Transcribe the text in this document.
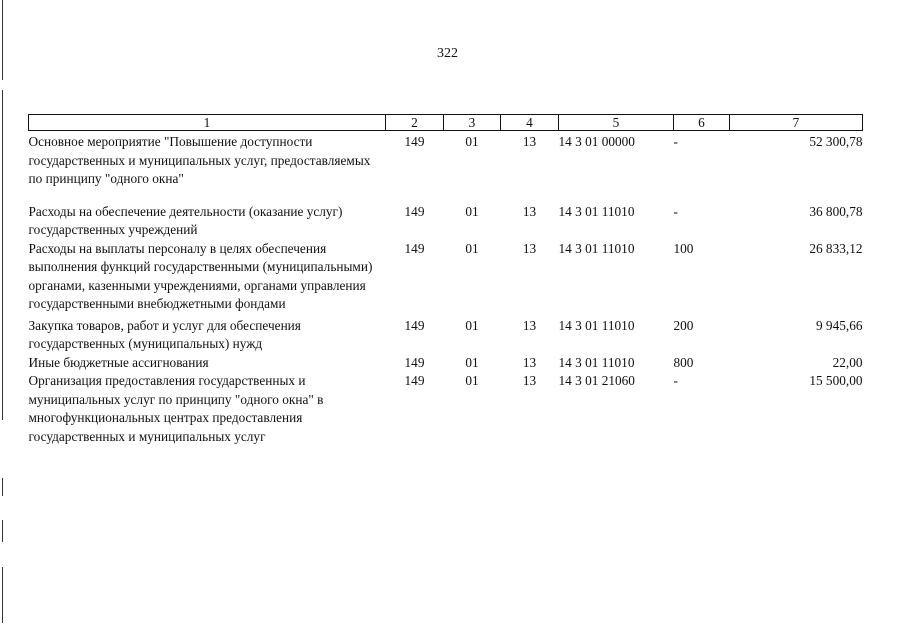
322
1	2	3	4	5	6	7
Основное мероприятие "Повышение доступности государственных и муниципальных услуг, предоставляемых по принципу "одного окна"	149	01	13	14 3 01 00000	-	52 300,78
Расходы на обеспечение деятельности (оказание услуг) государственных учреждений	149	01	13	14 3 01 11010	-	36 800,78
Расходы на выплаты персоналу в целях обеспечения выполнения функций государственными (муниципальными) органами, казенными учреждениями, органами управления государственными внебюджетными фондами	149	01	13	14 3 01 11010	100	26 833,12
Закупка товаров, работ и услуг для обеспечения государственных (муниципальных) нужд	149	01	13	14 3 01 11010	200	9 945,66
Иные бюджетные ассигнования	149	01	13	14 3 01 11010	800	22,00
Организация предоставления государственных и муниципальных услуг по принципу "одного окна" в многофункциональных центрах предоставления государственных и муниципальных услуг	149	01	13	14 3 01 21060	-	15 500,00
